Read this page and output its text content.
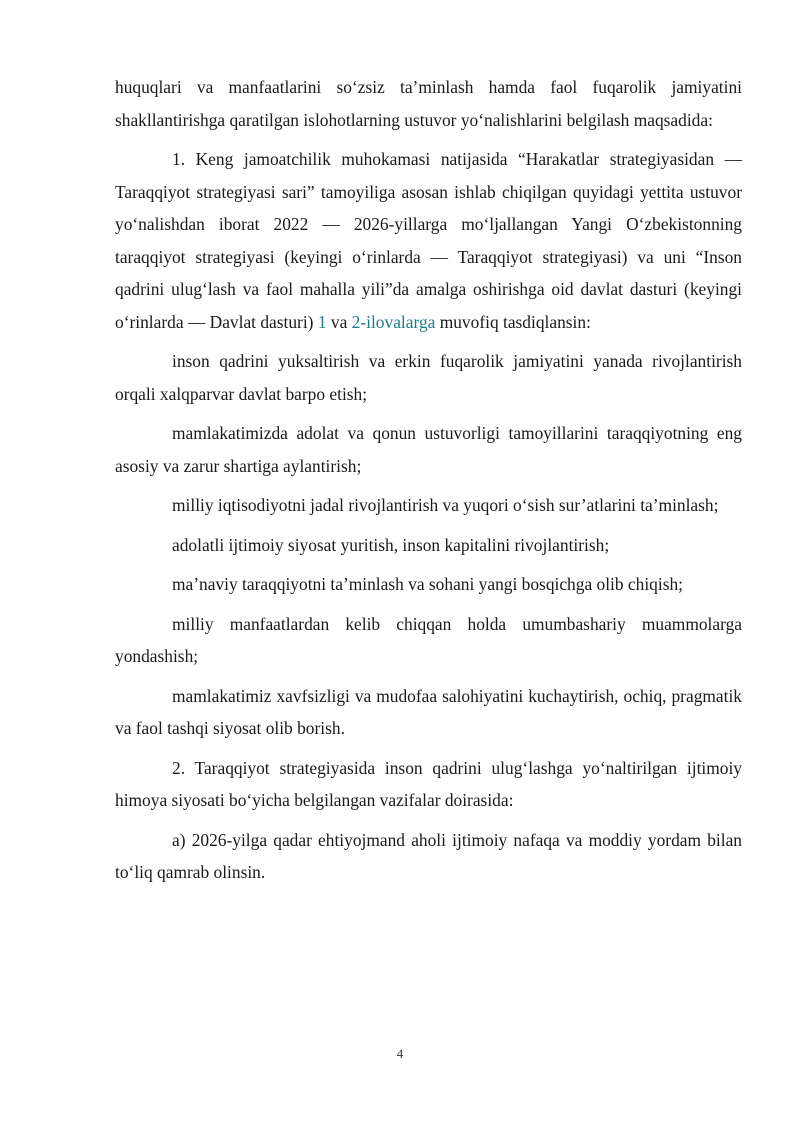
huquqlari va manfaatlarini so‘zsiz ta’minlash hamda faol fuqarolik jamiyatini shakllantirishga qaratilgan islohotlarning ustuvor yo‘nalishlarini belgilash maqsadida:

1. Keng jamoatchilik muhokamasi natijasida “Harakatlar strategiyasidan — Taraqqiyot strategiyasi sari” tamoyiliga asosan ishlab chiqilgan quyidagi yettita ustuvor yo‘nalishdan iborat 2022 — 2026-yillarga mo‘ljallangan Yangi O‘zbekistonning taraqqiyot strategiyasi (keyingi o‘rinlarda — Taraqqiyot strategiyasi) va uni “Inson qadrini ulug‘lash va faol mahalla yili”da amalga oshirishga oid davlat dasturi (keyingi o‘rinlarda — Davlat dasturi) 1 va 2-ilovalarga muvofiq tasdiqlansin:

inson qadrini yuksaltirish va erkin fuqarolik jamiyatini yanada rivojlantirish orqali xalqparvar davlat barpo etish;

mamlakatimizda adolat va qonun ustuvorligi tamoyillarini taraqqiyotning eng asosiy va zarur shartiga aylantirish;

milliy iqtisodiyotni jadal rivojlantirish va yuqori o‘sish sur’atlarini ta’minlash;

adolatli ijtimoiy siyosat yuritish, inson kapitalini rivojlantirish;

ma’naviy taraqqiyotni ta’minlash va sohani yangi bosqichga olib chiqish;

milliy manfaatlardan kelib chiqqan holda umumbashariy muammolarga yondashish;

mamlakatimiz xavfsizligi va mudofaa salohiyatini kuchaytirish, ochiq, pragmatik va faol tashqi siyosat olib borish.

2. Taraqqiyot strategiyasida inson qadrini ulug‘lashga yo‘naltirilgan ijtimoiy himoya siyosati bo‘yicha belgilangan vazifalar doirasida:

a) 2026-yilga qadar ehtiyojmand aholi ijtimoiy nafaqa va moddiy yordam bilan to‘liq qamrab olinsin.

4
